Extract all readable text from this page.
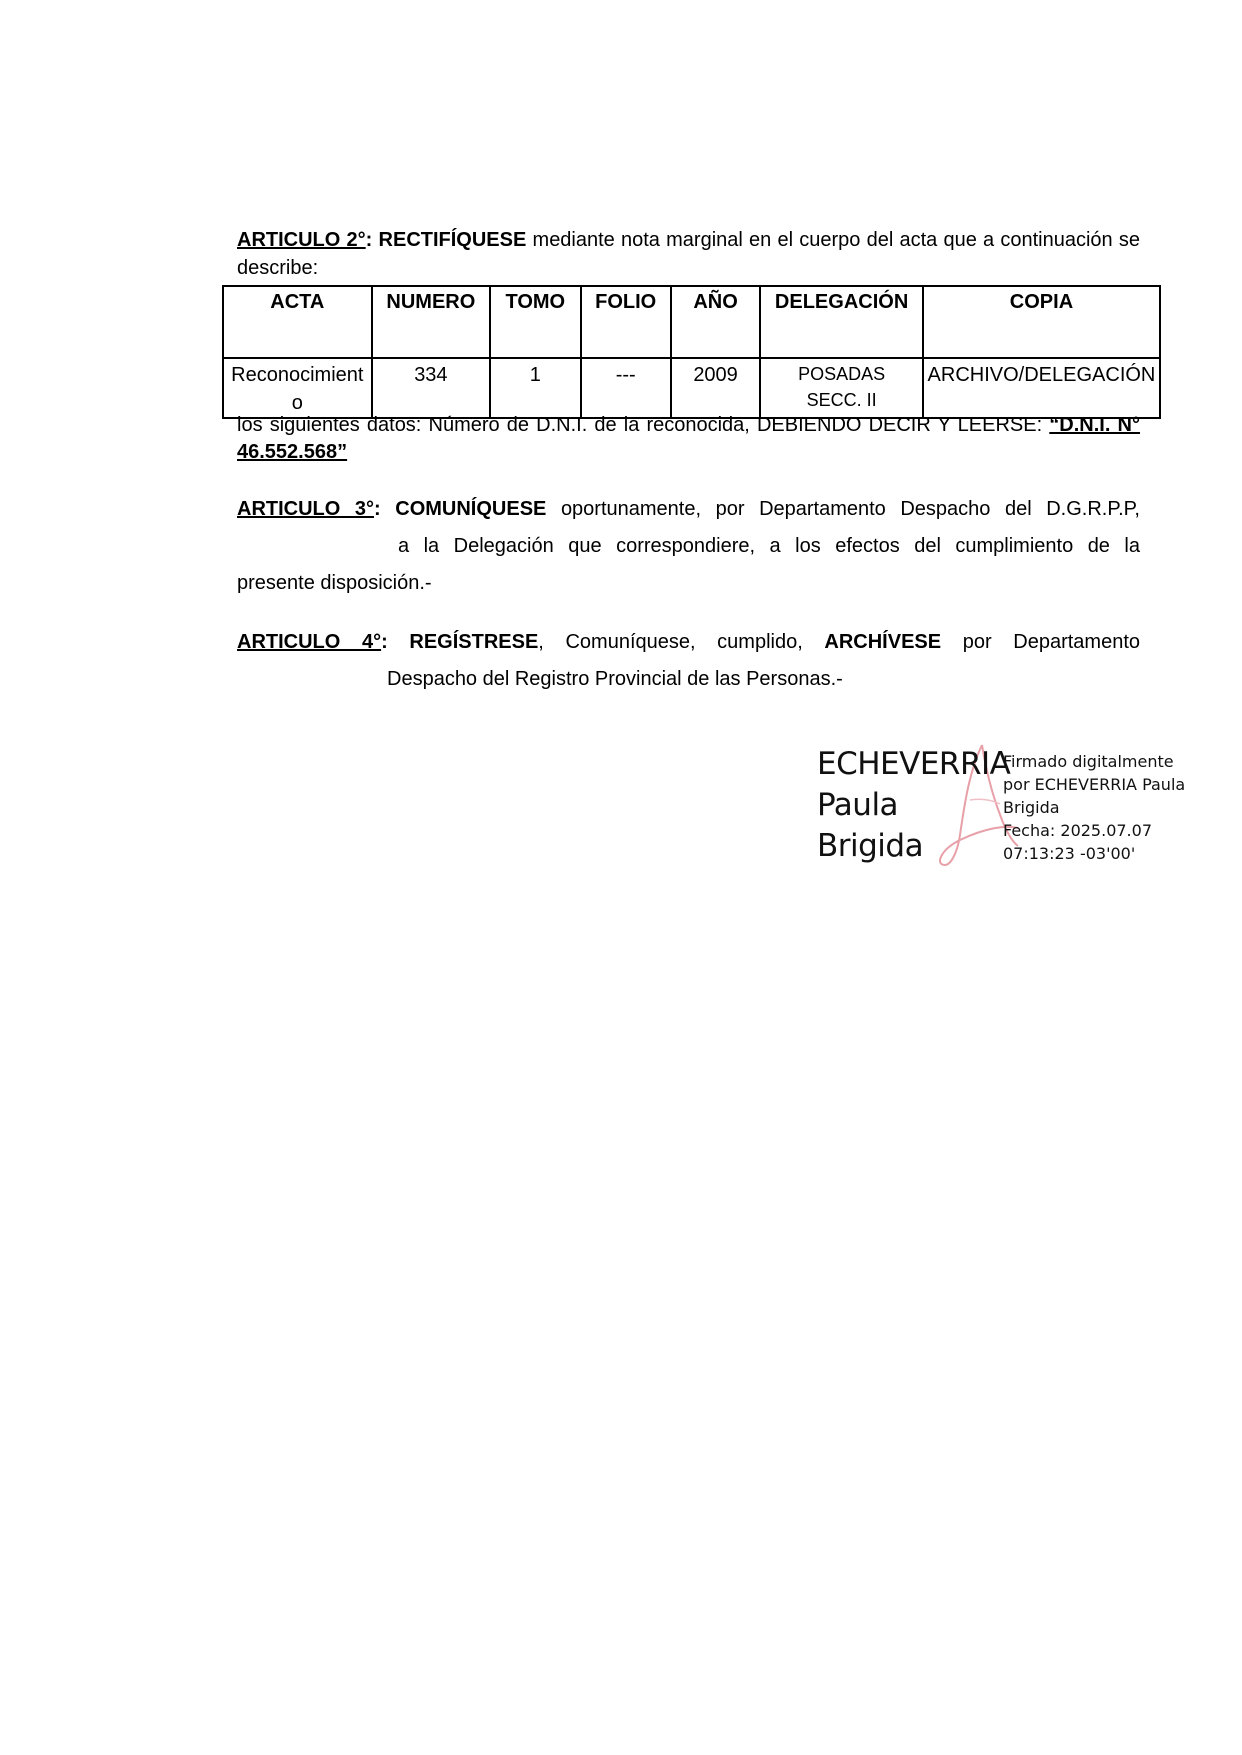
ARTICULO 2°: RECTIFÍQUESE mediante nota marginal en el cuerpo del acta que a continuación se describe:
ACTA	NUMERO	TOMO	FOLIO	AÑO	DELEGACIÓN	COPIA
Reconocimiento	334	1	---	2009	POSADAS SECC. II	ARCHIVO/DELEGACIÓN
los siguientes datos: Número de D.N.I. de la reconocida, DEBIENDO DECIR Y LEERSE: “D.N.I. N° 46.552.568”
ARTICULO 3°: COMUNÍQUESE oportunamente, por Departamento Despacho del D.G.R.P.P,
a la Delegación que correspondiere, a los efectos del cumplimiento de la
presente disposición.-
ARTICULO 4°: REGÍSTRESE, Comuníquese, cumplido, ARCHÍVESE por Departamento
Despacho del Registro Provincial de las Personas.-
ECHEVERRIA
Paula
Brigida
Firmado digitalmente
por ECHEVERRIA Paula
Brigida
Fecha: 2025.07.07
07:13:23 -03'00'
